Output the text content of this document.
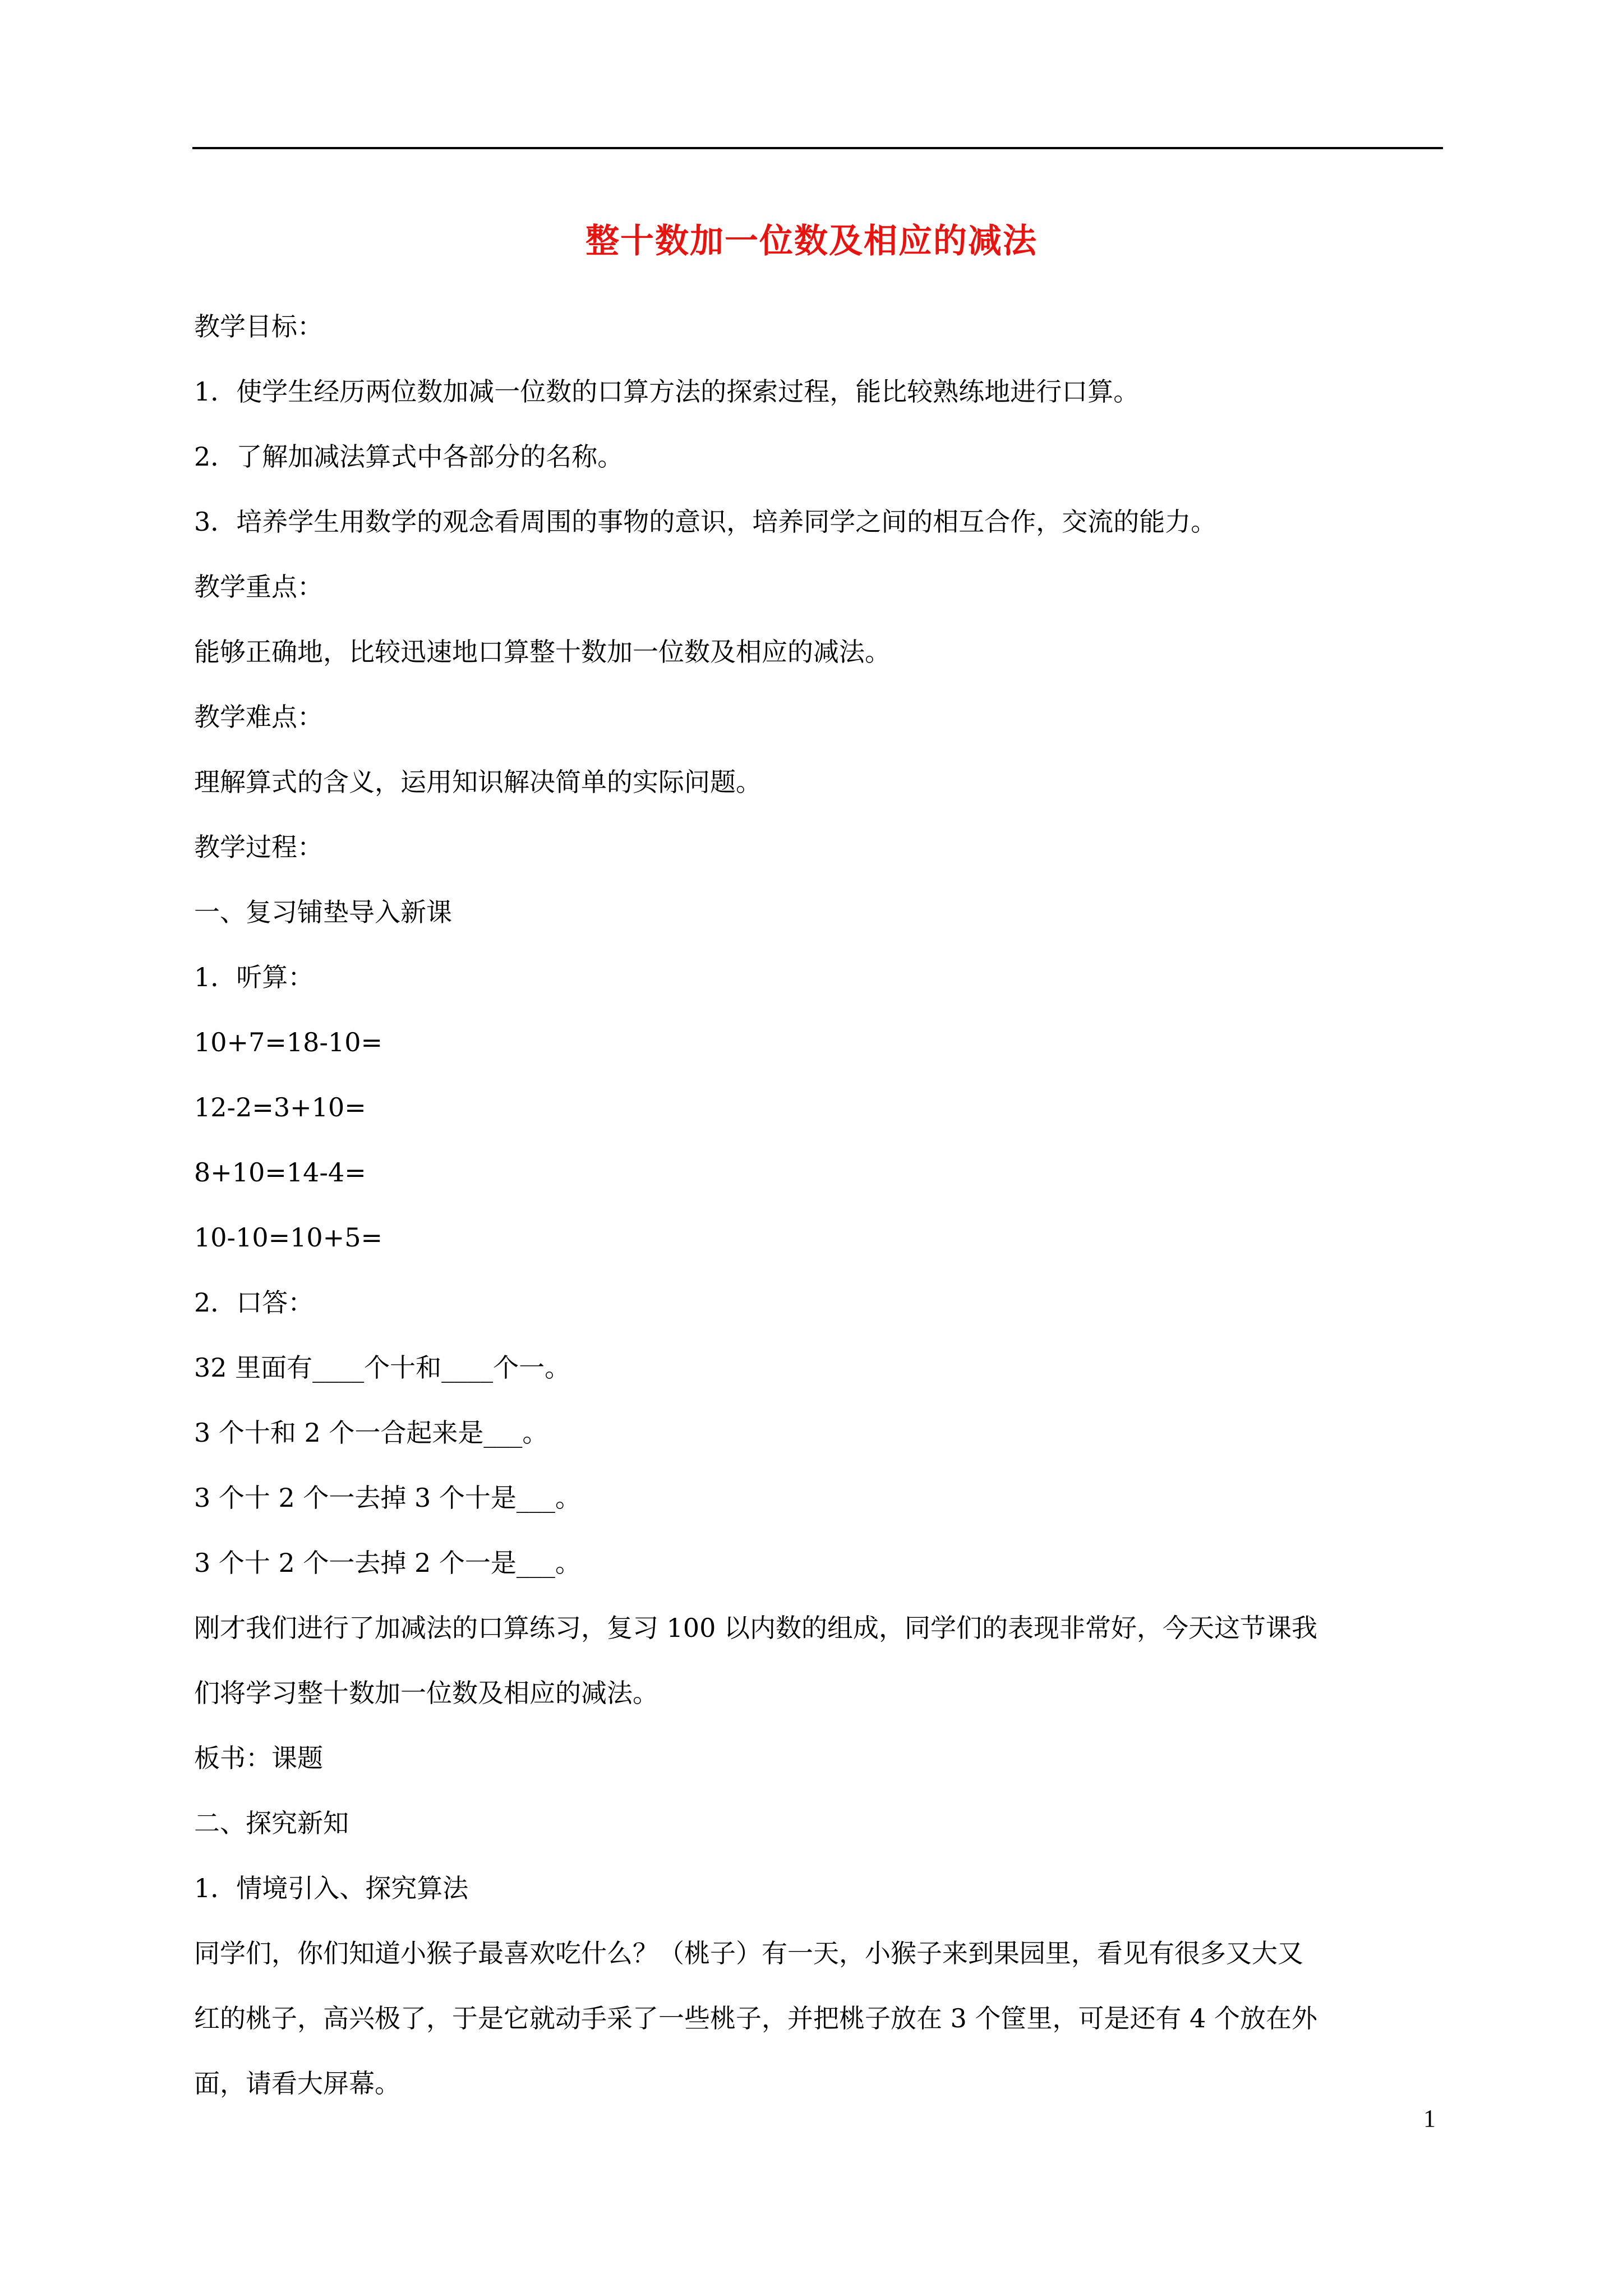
整十数加一位数及相应的减法
教学目标：
1．使学生经历两位数加减一位数的口算方法的探索过程，能比较熟练地进行口算。
2．了解加减法算式中各部分的名称。
3．培养学生用数学的观念看周围的事物的意识，培养同学之间的相互合作，交流的能力。
教学重点：
能够正确地，比较迅速地口算整十数加一位数及相应的减法。
教学难点：
理解算式的含义，运用知识解决简单的实际问题。
教学过程：
一、复习铺垫导入新课
1．听算：
10+7=18-10=
12-2=3+10=
8+10=14-4=
10-10=10+5=
2．口答：
32 里面有____个十和____个一。
3 个十和 2 个一合起来是___。
3 个十 2 个一去掉 3 个十是___。
3 个十 2 个一去掉 2 个一是___。
刚才我们进行了加减法的口算练习，复习 100 以内数的组成，同学们的表现非常好，今天这节课我
们将学习整十数加一位数及相应的减法。
板书：课题
二、探究新知
1．情境引入、探究算法
同学们，你们知道小猴子最喜欢吃什么？（桃子）有一天，小猴子来到果园里，看见有很多又大又
红的桃子，高兴极了，于是它就动手采了一些桃子，并把桃子放在 3 个筐里，可是还有 4 个放在外
面，请看大屏幕。
1
